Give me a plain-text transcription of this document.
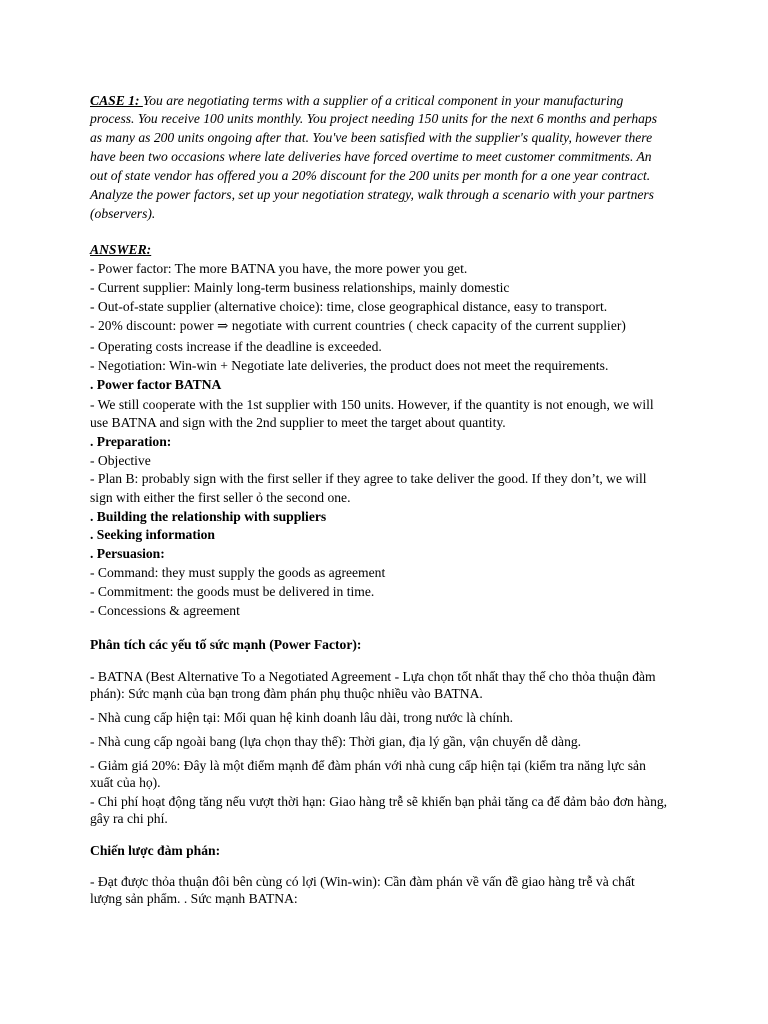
CASE 1: You are negotiating terms with a supplier of a critical component in your manufacturing
process. You receive 100 units monthly. You project needing 150 units for the next 6 months and perhaps
as many as 200 units ongoing after that. You've been satisfied with the supplier's quality, however there
have been two occasions where late deliveries have forced overtime to meet customer commitments. An
out of state vendor has offered you a 20% discount for the 200 units per month for a one year contract.
Analyze the power factors, set up your negotiation strategy, walk through a scenario with your partners
(observers).
ANSWER:
- Power factor: The more BATNA you have, the more power you get.
- Current supplier: Mainly long-term business relationships, mainly domestic
- Out-of-state supplier (alternative choice): time, close geographical distance, easy to transport.
- 20% discount: power ⇒ negotiate with current countries ( check capacity of the current supplier)
- Operating costs increase if the deadline is exceeded.
- Negotiation: Win-win + Negotiate late deliveries, the product does not meet the requirements.
. Power factor BATNA
- We still cooperate with the 1st supplier with 150 units. However, if the quantity is not enough, we will
use BATNA and sign with the 2nd supplier to meet the target about quantity.
. Preparation:
- Objective
- Plan B: probably sign with the first seller if they agree to take deliver the good. If they don’t, we will
sign with either the first seller ỏ the second one.
. Building the relationship with suppliers
. Seeking information
. Persuasion:
- Command: they must supply the goods as agreement
- Commitment: the goods must be delivered in time.
- Concessions & agreement
Phân tích các yếu tố sức mạnh (Power Factor):
- BATNA (Best Alternative To a Negotiated Agreement - Lựa chọn tốt nhất thay thế cho thỏa thuận đàm
phán): Sức mạnh của bạn trong đàm phán phụ thuộc nhiều vào BATNA.
- Nhà cung cấp hiện tại: Mối quan hệ kinh doanh lâu dài, trong nước là chính.
- Nhà cung cấp ngoài bang (lựa chọn thay thế): Thời gian, địa lý gần, vận chuyển dễ dàng.
- Giảm giá 20%: Đây là một điểm mạnh để đàm phán với nhà cung cấp hiện tại (kiểm tra năng lực sản
xuất của họ).
- Chi phí hoạt động tăng nếu vượt thời hạn: Giao hàng trễ sẽ khiến bạn phải tăng ca để đảm bảo đơn hàng,
gây ra chi phí.
Chiến lược đàm phán:
- Đạt được thỏa thuận đôi bên cùng có lợi (Win-win): Cần đàm phán về vấn đề giao hàng trễ và chất
lượng sản phẩm. . Sức mạnh BATNA:
